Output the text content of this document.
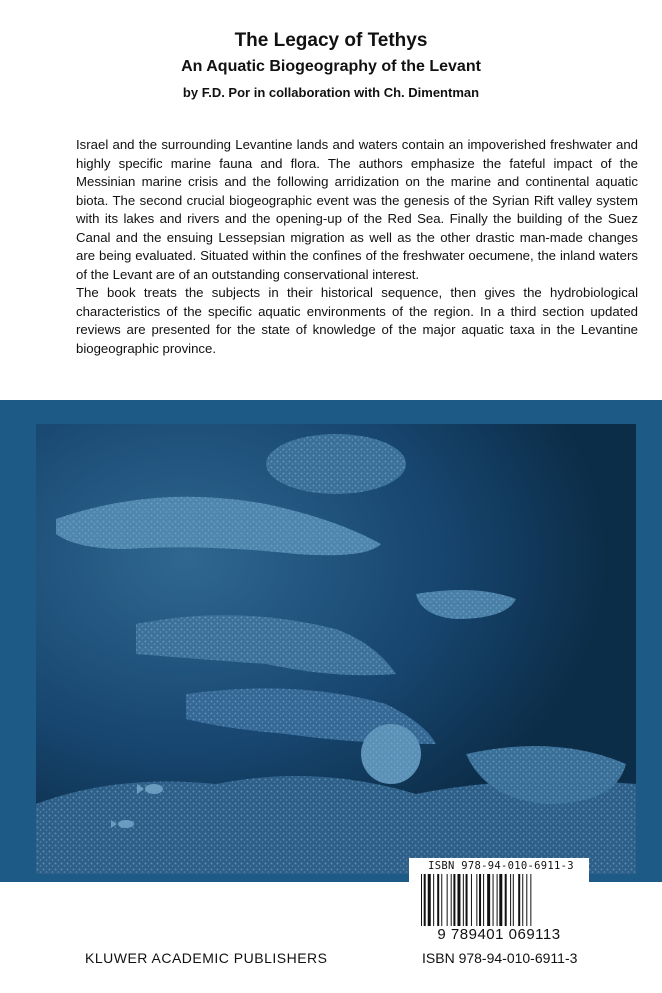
The Legacy of Tethys
An Aquatic Biogeography of the Levant
by F.D. Por in collaboration with Ch. Dimentman

Israel and the surrounding Levantine lands and waters contain an impoverished freshwater and highly specific marine fauna and flora. The authors emphasize the fateful impact of the Messinian marine crisis and the following arridization on the marine and continental aquatic biota. The second crucial biogeographic event was the genesis of the Syrian Rift valley system with its lakes and rivers and the opening-up of the Red Sea. Finally the building of the Suez Canal and the ensuing Lessepsian migration as well as the other drastic man-made changes are being evaluated. Situated within the confines of the freshwater oecumene, the inland waters of the Levant are of an outstanding conservational interest.

The book treats the subjects in their historical sequence, then gives the hydrobiological characteristics of the specific aquatic environments of the region. In a third section updated reviews are presented for the state of knowledge of the major aquatic taxa in the Levantine biogeographic province.

ISBN 978-94-010-6911-3
9 789401 069113
KLUWER ACADEMIC PUBLISHERS	ISBN 978-94-010-6911-3
